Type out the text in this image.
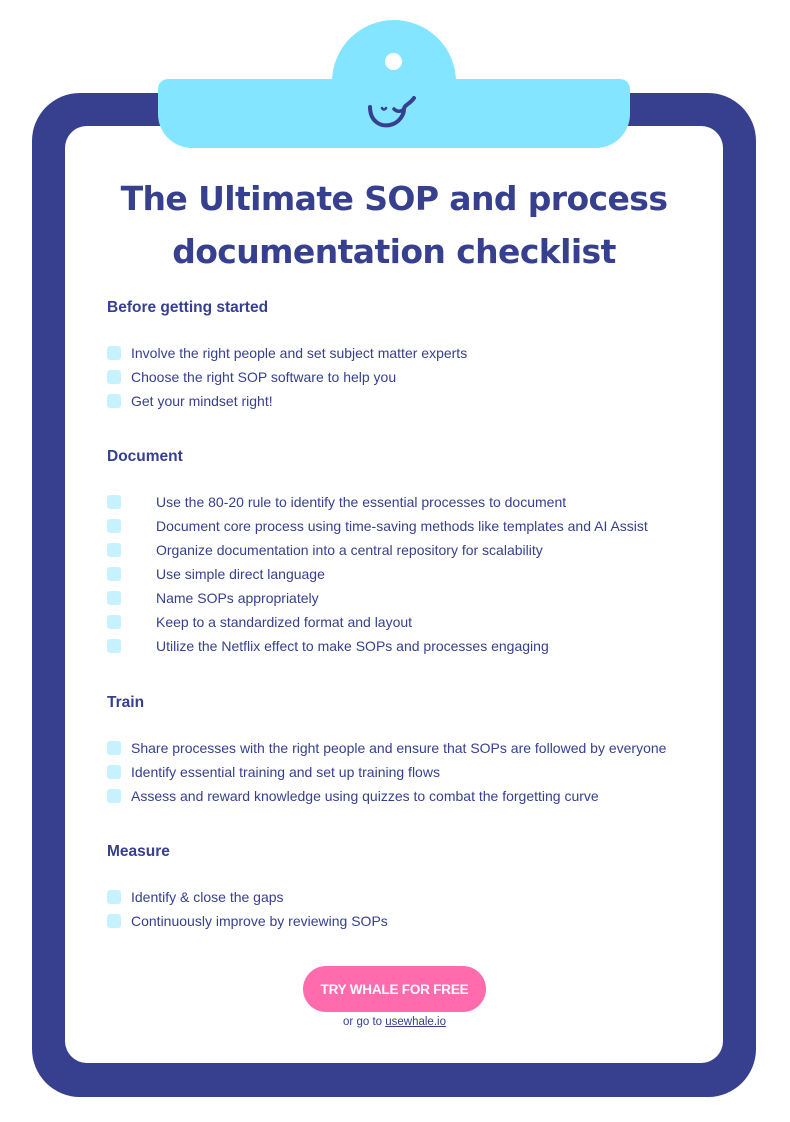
The Ultimate SOP and process
documentation checklist
Before getting started
Involve the right people and set subject matter experts
Choose the right SOP software to help you
Get your mindset right!
Document
Use the 80-20 rule to identify the essential processes to document
Document core process using time-saving methods like templates and AI Assist
Organize documentation into a central repository for scalability
Use simple direct language
Name SOPs appropriately
Keep to a standardized format and layout
Utilize the Netflix effect to make SOPs and processes engaging
Train
Share processes with the right people and ensure that SOPs are followed by everyone
Identify essential training and set up training flows
Assess and reward knowledge using quizzes to combat the forgetting curve
Measure
Identify & close the gaps
Continuously improve by reviewing SOPs
TRY WHALE FOR FREE
or go to usewhale.io
